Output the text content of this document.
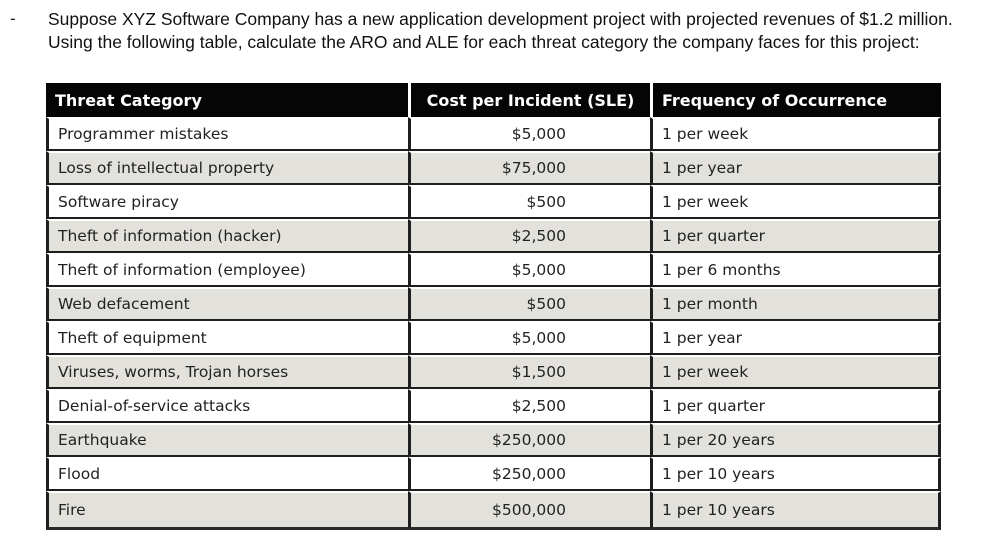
- Suppose XYZ Software Company has a new application development project with projected revenues of $1.2 million. Using the following table, calculate the ARO and ALE for each threat category the company faces for this project:
Threat Category	Cost per Incident (SLE)	Frequency of Occurrence
Programmer mistakes	$5,000	1 per week
Loss of intellectual property	$75,000	1 per year
Software piracy	$500	1 per week
Theft of information (hacker)	$2,500	1 per quarter
Theft of information (employee)	$5,000	1 per 6 months
Web defacement	$500	1 per month
Theft of equipment	$5,000	1 per year
Viruses, worms, Trojan horses	$1,500	1 per week
Denial-of-service attacks	$2,500	1 per quarter
Earthquake	$250,000	1 per 20 years
Flood	$250,000	1 per 10 years
Fire	$500,000	1 per 10 years
